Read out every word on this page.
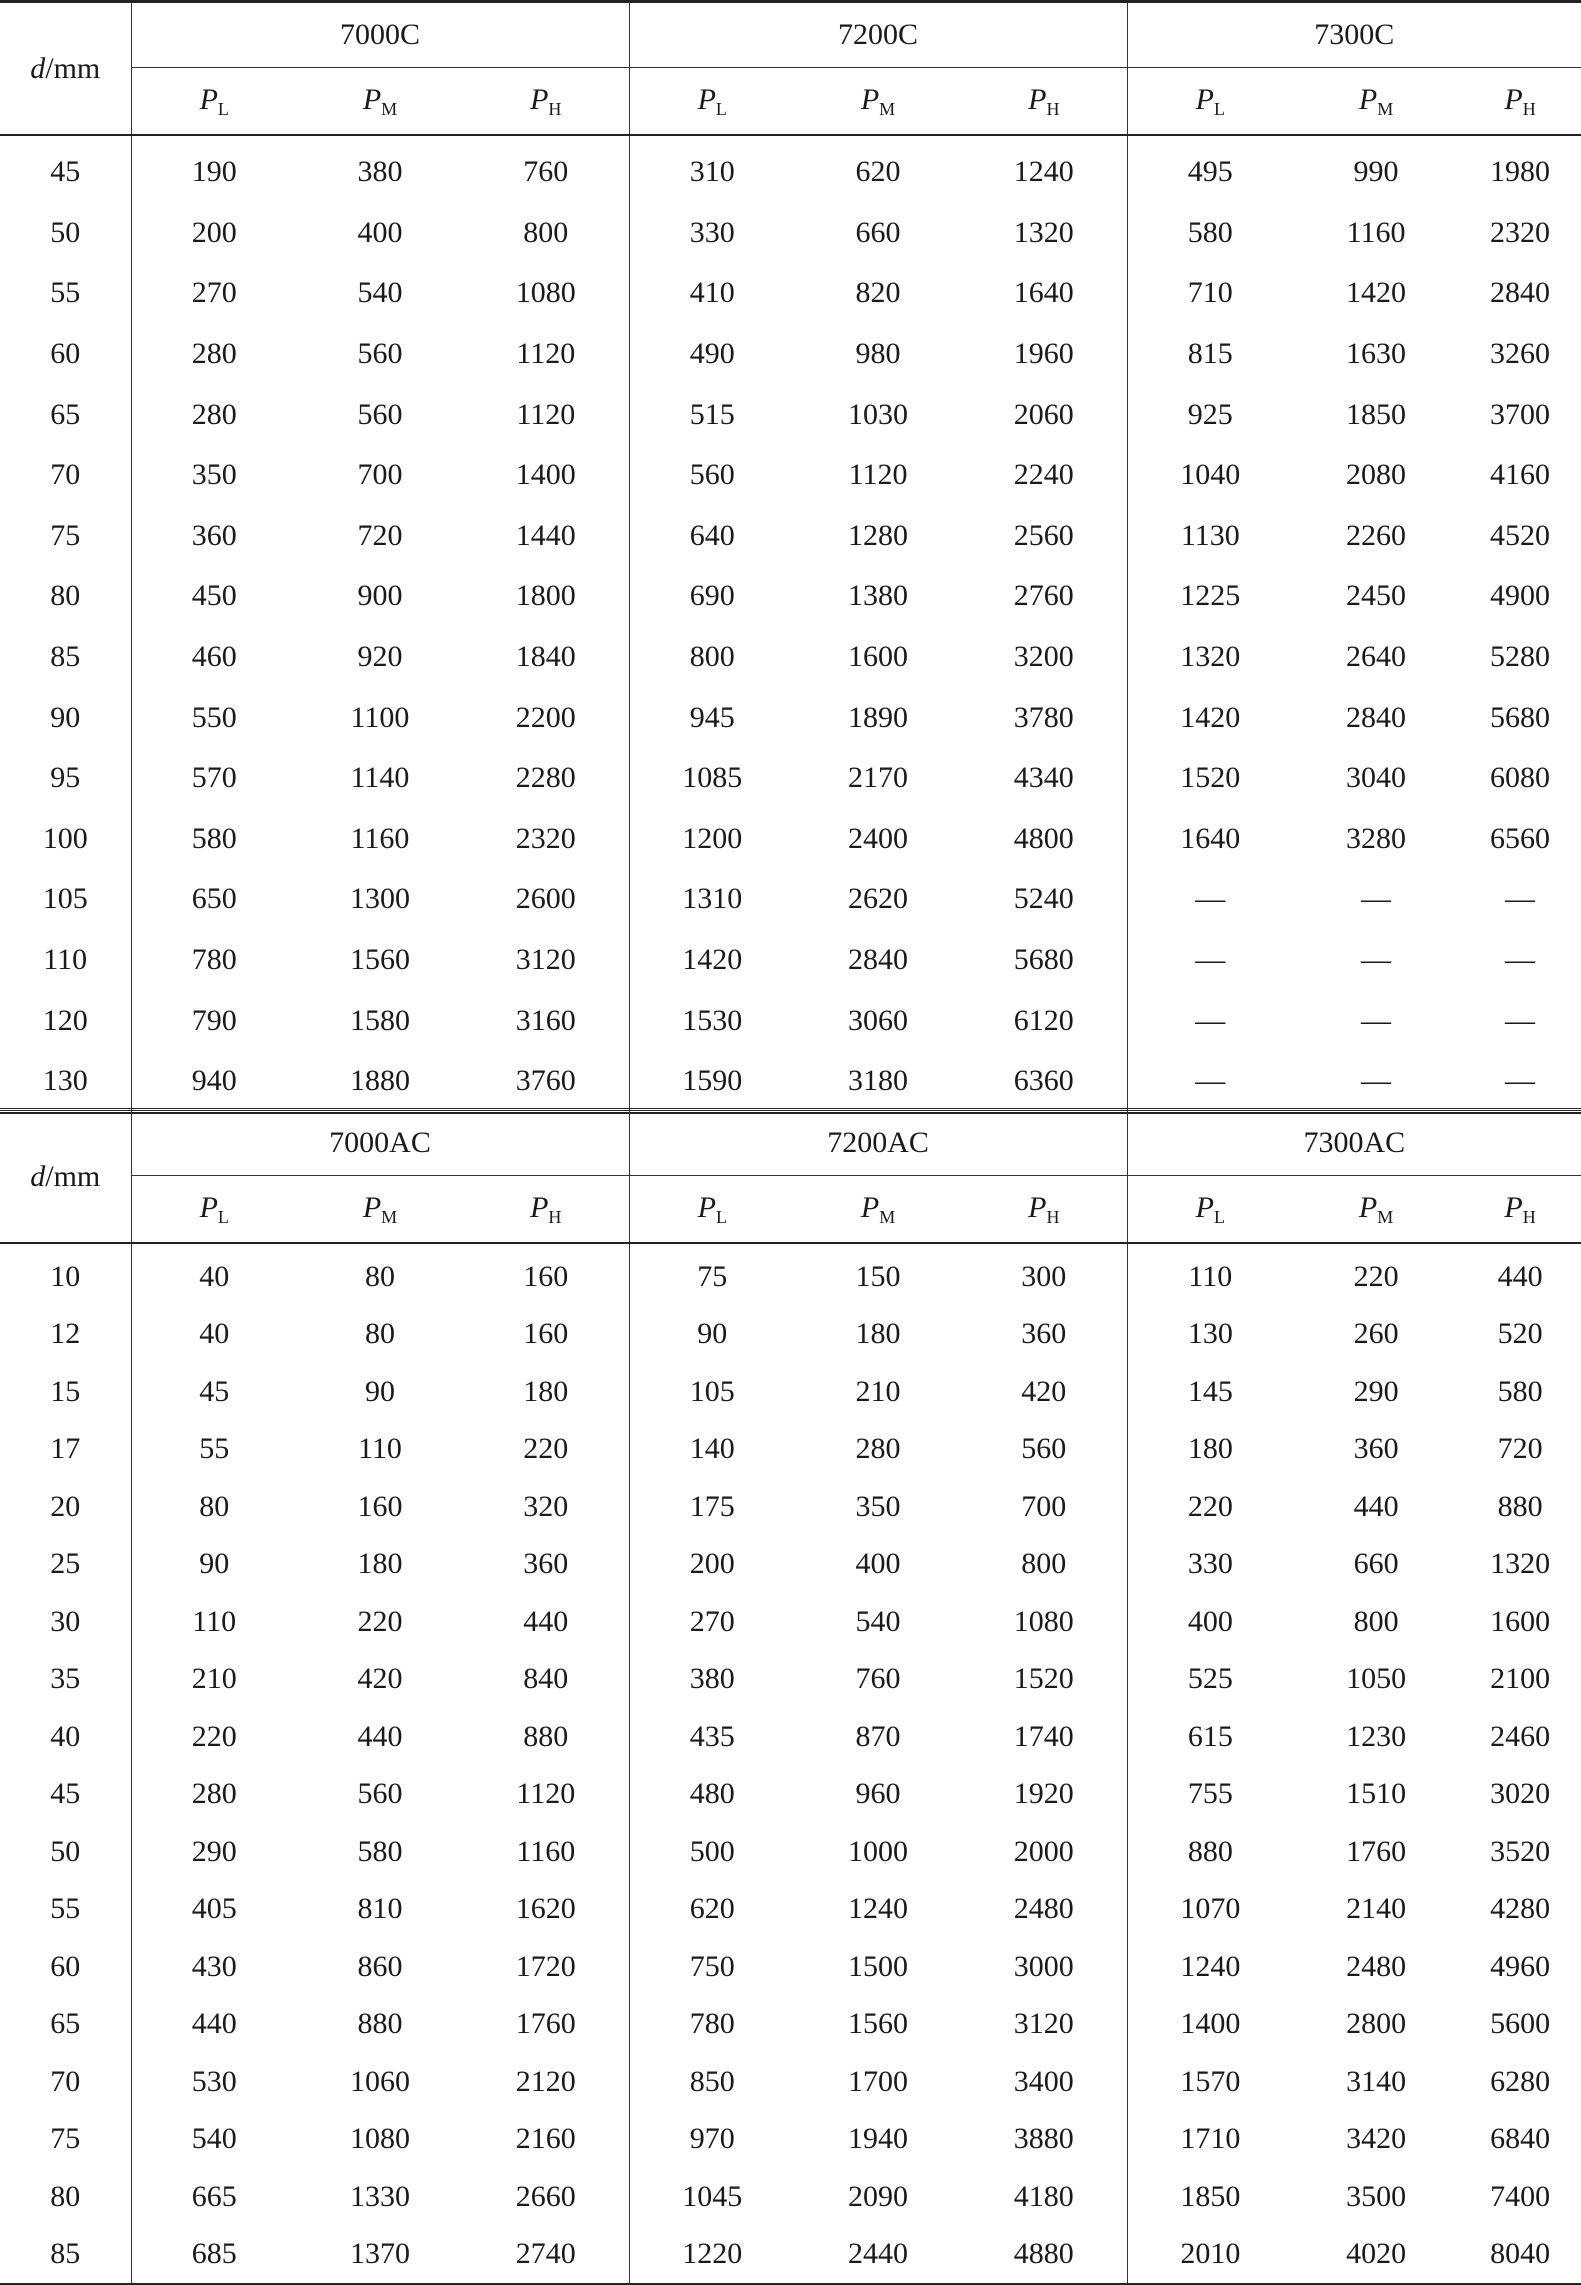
d/mm	7000C			7200C			7300C		
	$P_L$	$P_M$	$P_H$	$P_L$	$P_M$	$P_H$	$P_L$	$P_M$	$P_H$
45	190	380	760	310	620	1240	495	990	1980
50	200	400	800	330	660	1320	580	1160	2320
55	270	540	1080	410	820	1640	710	1420	2840
60	280	560	1120	490	980	1960	815	1630	3260
65	280	560	1120	515	1030	2060	925	1850	3700
70	350	700	1400	560	1120	2240	1040	2080	4160
75	360	720	1440	640	1280	2560	1130	2260	4520
80	450	900	1800	690	1380	2760	1225	2450	4900
85	460	920	1840	800	1600	3200	1320	2640	5280
90	550	1100	2200	945	1890	3780	1420	2840	5680
95	570	1140	2280	1085	2170	4340	1520	3040	6080
100	580	1160	2320	1200	2400	4800	1640	3280	6560
105	650	1300	2600	1310	2620	5240	—	—	—
110	780	1560	3120	1420	2840	5680	—	—	—
120	790	1580	3160	1530	3060	6120	—	—	—
130	940	1880	3760	1590	3180	6360	—	—	—
d/mm	7000AC			7200AC			7300AC		
	$P_L$	$P_M$	$P_H$	$P_L$	$P_M$	$P_H$	$P_L$	$P_M$	$P_H$
10	40	80	160	75	150	300	110	220	440
12	40	80	160	90	180	360	130	260	520
15	45	90	180	105	210	420	145	290	580
17	55	110	220	140	280	560	180	360	720
20	80	160	320	175	350	700	220	440	880
25	90	180	360	200	400	800	330	660	1320
30	110	220	440	270	540	1080	400	800	1600
35	210	420	840	380	760	1520	525	1050	2100
40	220	440	880	435	870	1740	615	1230	2460
45	280	560	1120	480	960	1920	755	1510	3020
50	290	580	1160	500	1000	2000	880	1760	3520
55	405	810	1620	620	1240	2480	1070	2140	4280
60	430	860	1720	750	1500	3000	1240	2480	4960
65	440	880	1760	780	1560	3120	1400	2800	5600
70	530	1060	2120	850	1700	3400	1570	3140	6280
75	540	1080	2160	970	1940	3880	1710	3420	6840
80	665	1330	2660	1045	2090	4180	1850	3500	7400
85	685	1370	2740	1220	2440	4880	2010	4020	8040
